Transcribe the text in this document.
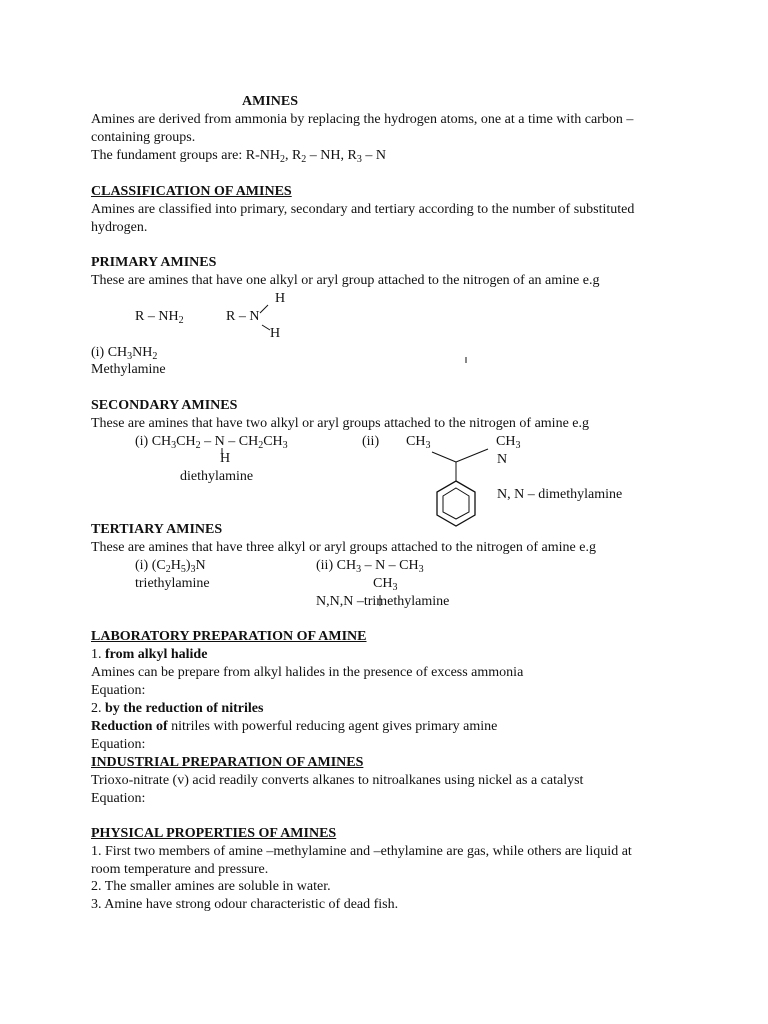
AMINES
Amines are derived from ammonia by replacing the hydrogen atoms, one at a time with carbon –
containing groups.
The fundament groups are: $R-NH_2$, $R_2$ – NH, $R_3$ – N
CLASSIFICATION OF AMINES
Amines are classified into primary, secondary and tertiary according to the number of substituted
hydrogen.
PRIMARY AMINES
These are amines that have one alkyl or aryl group attached to the nitrogen of an amine e.g
H
R – $NH_2$	R – N
H
(i) $CH_3NH_2$
Methylamine
SECONDARY AMINES
These are amines that have two alkyl or aryl groups attached to the nitrogen of amine e.g
(i) $CH_3CH_2$ – N – $CH_2CH_3$
H
diethylamine
(ii) $CH_3$	$CH_3$
N
N, N – dimethylamine
TERTIARY AMINES
These are amines that have three alkyl or aryl groups attached to the nitrogen of amine e.g
(i) $(C_2H_5)_3N$
triethylamine
(ii) $CH_3$ – N – $CH_3$
$CH_3$
N,N,N –trimethylamine
LABORATORY PREPARATION OF AMINE
1. from alkyl halide
Amines can be prepare from alkyl halides in the presence of excess ammonia
Equation:
2. by the reduction of nitriles
Reduction of nitriles with powerful reducing agent gives primary amine
Equation:
INDUSTRIAL PREPARATION OF AMINES
Trioxo-nitrate (v) acid readily converts alkanes to nitroalkanes using nickel as a catalyst
Equation:
PHYSICAL PROPERTIES OF AMINES
1. First two members of amine –methylamine and –ethylamine are gas, while others are liquid at
room temperature and pressure.
2. The smaller amines are soluble in water.
3. Amine have strong odour characteristic of dead fish.
